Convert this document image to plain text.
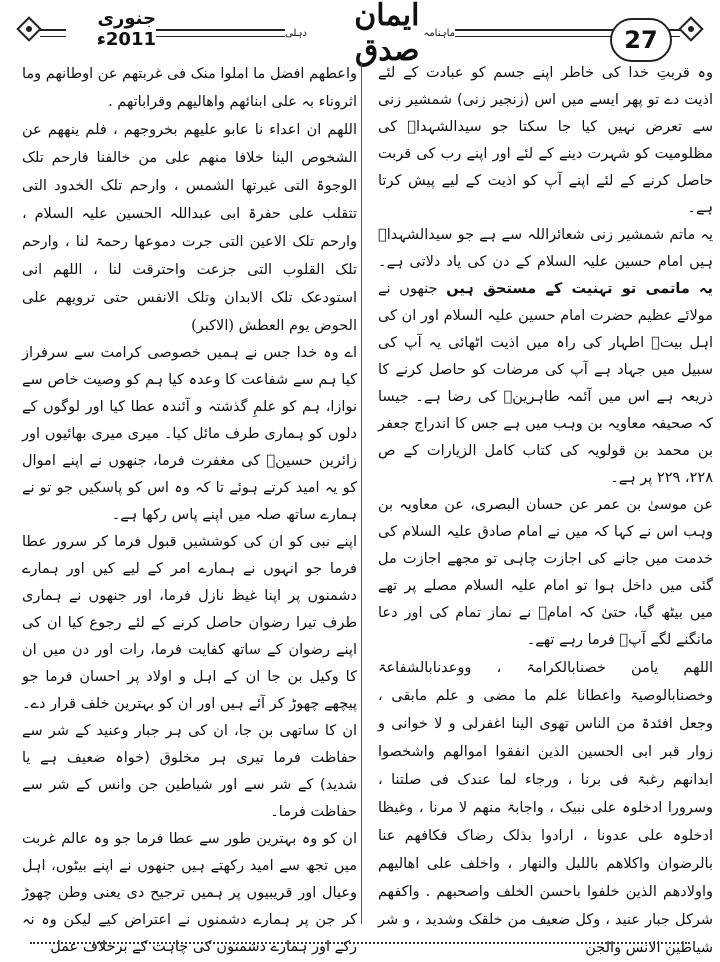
27
ماہنامہ
ایمان صدق
دہلی
جنوری 2011ء

وہ قربتِ خدا کی خاطر اپنے جسم کو عبادت کے لئے اذیت دے تو پھر ایسے میں اس (زنجیر زنی) شمشیر زنی سے تعرض نہیں کیا جا سکتا جو سیدالشہداؑ کی مظلومیت کو شہرت دینے کے لئے اور اپنے رب کی قربت حاصل کرنے کے لئے اپنے آپ کو اذیت کے لیے پیش کرتا ہے۔

یہ ماتم شمشیر زنی شعائراللہ سے ہے جو سیدالشہداؑ ہیں امام حسین علیہ السلام کے دن کی یاد دلاتی ہے۔ یہ ماتمی تو تہنیت کے مستحق ہیں جنھوں نے مولائے عظیم حضرت امام حسین علیہ السلام اور ان کی اہل بیتؑ اطہار کی راہ میں اذیت اٹھائی یہ آپ کی سبیل میں جہاد ہے آپ کی مرضات کو حاصل کرنے کا ذریعہ ہے اس میں آئمہ طاہرینؑ کی رضا ہے۔ جیسا کہ صحیفہ معاویہ بن وہب میں ہے جس کا اندراج جعفر بن محمد بن قولویہ کی کتاب کامل الزیارات کے ص ۲۲۸، ۲۲۹ پر ہے۔

عن موسیٰ بن عمر عن حسان البصری، عن معاویہ بن وہب اس نے کہا کہ میں نے امام صادق علیہ السلام کی خدمت میں جانے کی اجازت چاہی تو مجھے اجازت مل گئی میں داخل ہوا تو امام علیہ السلام مصلے پر تھے میں بیٹھ گیا، حتیٰ کہ امامؑ نے نماز تمام کی اور دعا مانگنے لگے آپؑ فرما رہے تھے۔

اللھم یامن خصنابالکرامۃ ، ووعدنابالشفاعۃ وخصنابالوصیۃ واعطانا علم ما مضی و علم مابقی ، وجعل افئدۃ من الناس تھوی الینا اغفرلی و لا خوانی و زوار قبر ابی الحسین الذین انفقوا اموالھم واشخصوا ابدانھم رغبۃ فی برنا ، ورجاء لما عندک فی صلتنا ، وسرورا ادخلوہ علی نبیک ، واجابۃ منھم لا مرنا ، وغیظا ادخلوہ علی عدونا ، ارادوا بذلک رضاک فکافھم عنا بالرضوان واکلاھم باللیل والنھار ، واخلف علی اھالیھم واولادھم الذین خلفوا باحسن الخلف واصحبھم . واکفھم شرکل جبار عنید ، وکل ضعیف من خلقک وشدید ، و شر شیاطین الانس والجن

واعطھم افضل ما املوا منک فی غربتھم عن اوطانھم وما اثروناء بہ علی ابنائھم واھالیھم وقراباتھم .

اللھم ان اعداء نا عابو علیھم بخروجھم ، فلم ینھھم عن الشخوص الینا خلافا منھم علی من خالفنا فارحم تلک الوجوۃ التی غیرتھا الشمس ، وارحم تلک الخدود التی تتقلب علی حفرۃ ابی عبداللہ الحسین علیہ السلام ، وارحم تلک الاعین التی جرت دموعھا رحمۃ لنا ، وارحم تلک القلوب التی جزعت واحترقت لنا ، اللھم انی استودعک تلک الابدان وتلک الانفس حتی ترویھم علی الحوض یوم العطش (الاکبر)

اے وہ خدا جس نے ہمیں خصوصی کرامت سے سرفراز کیا ہم سے شفاعت کا وعدہ کیا ہم کو وصیت خاص سے نوازا، ہم کو علمِ گذشتہ و آئندہ عطا کیا اور لوگوں کے دلوں کو ہماری طرف مائل کیا۔ میری میری بھائیوں اور زائرین حسینؑ کی مغفرت فرما، جنھوں نے اپنے اموال کو یہ امید کرتے ہوئے تا کہ وہ اس کو پاسکیں جو تو نے ہمارے ساتھ صلہ میں اپنے پاس رکھا ہے۔

اپنے نبی کو ان کی کوششیں قبول فرما کر سرور عطا فرما جو انہوں نے ہمارے امر کے لیے کیں اور ہمارے دشمنوں پر اپنا غیظ نازل فرما، اور جنھوں نے ہماری طرف تیرا رضوان حاصل کرنے کے لئے رجوع کیا ان کی اپنے رضوان کے ساتھ کفایت فرما، رات اور دن میں ان کا وکیل بن جا ان کے اہل و اولاد پر احسان فرما جو پیچھے چھوڑ کر آئے ہیں اور ان کو بہترین خلف قرار دے۔ ان کا ساتھی بن جا، ان کی ہر جبار وعنید کے شر سے حفاظت فرما تیری ہر مخلوق (خواہ ضعیف ہے یا شدید) کے شر سے اور شیاطین جن وانس کے شر سے حفاظت فرما۔

ان کو وہ بہترین طور سے عطا فرما جو وہ عالم غربت میں تجھ سے امید رکھتے ہیں جنھوں نے اپنے بیٹوں، اہل وعیال اور قریبیوں پر ہمیں ترجیح دی یعنی وطن چھوڑ کر جن پر ہمارے دشمنوں نے اعتراض کیے لیکن وہ نہ رکے اور ہمارے دشمنوں کی چاہت کے برخلاف عمل
